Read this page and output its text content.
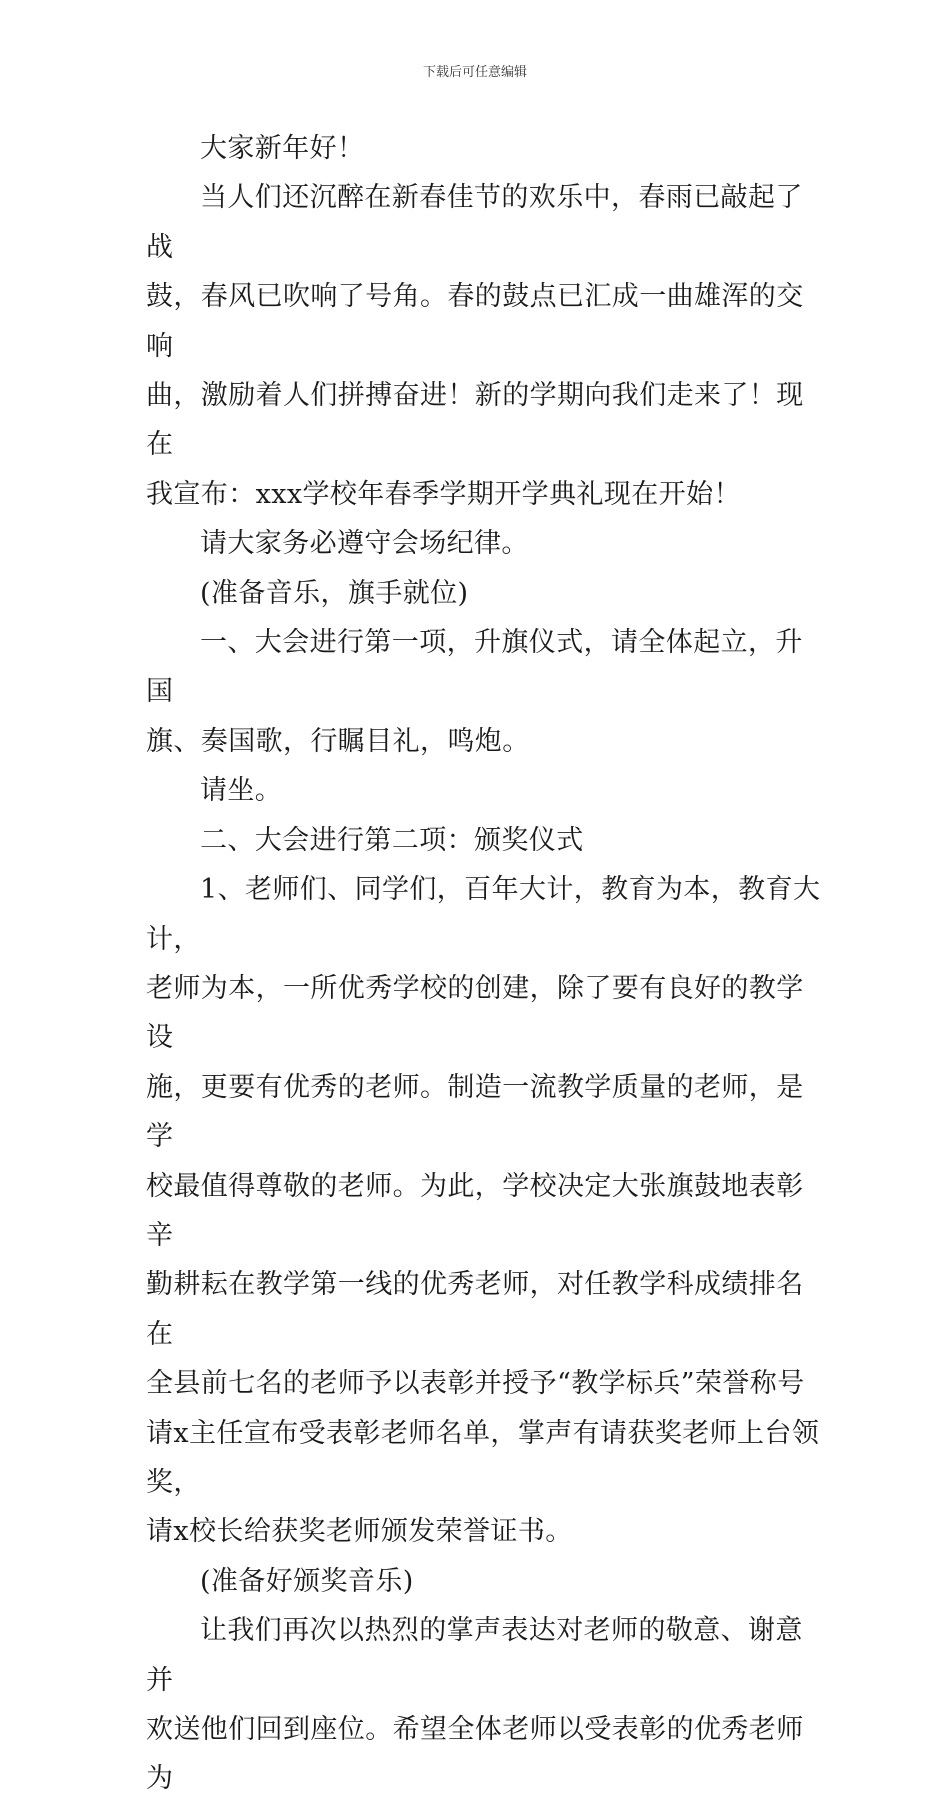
下载后可任意编辑

大家新年好！

当人们还沉醉在新春佳节的欢乐中，春雨已敲起了战
鼓，春风已吹响了号角。春的鼓点已汇成一曲雄浑的交响
曲，激励着人们拼搏奋进！新的学期向我们走来了！现在
我宣布：xxx学校年春季学期开学典礼现在开始！

请大家务必遵守会场纪律。

(准备音乐，旗手就位)

一、大会进行第一项，升旗仪式，请全体起立，升国
旗、奏国歌，行瞩目礼，鸣炮。

请坐。

二、大会进行第二项：颁奖仪式

1、老师们、同学们，百年大计，教育为本，教育大计，
老师为本，一所优秀学校的创建，除了要有良好的教学设
施，更要有优秀的老师。制造一流教学质量的老师，是学
校最值得尊敬的老师。为此，学校决定大张旗鼓地表彰辛
勤耕耘在教学第一线的优秀老师，对任教学科成绩排名在
全县前七名的老师予以表彰并授予“教学标兵”荣誉称号
请x主任宣布受表彰老师名单，掌声有请获奖老师上台领奖，
请x校长给获奖老师颁发荣誉证书。

(准备好颁奖音乐)

让我们再次以热烈的掌声表达对老师的敬意、谢意并
欢送他们回到座位。希望全体老师以受表彰的优秀老师为
